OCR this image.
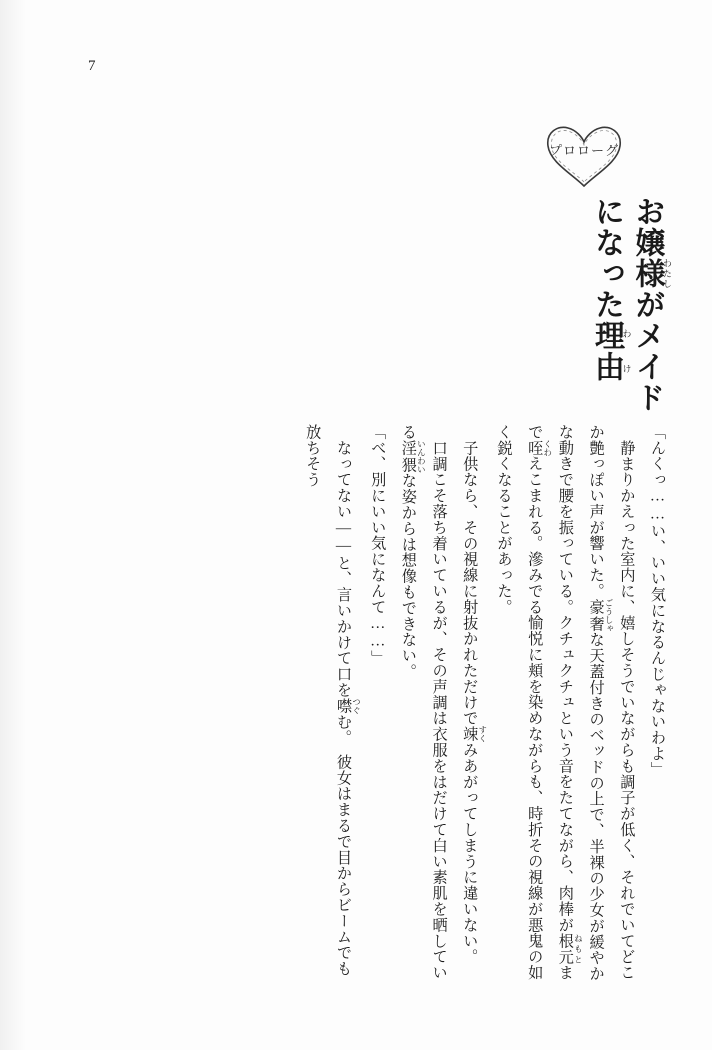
7
プロローグ
お嬢様わたしがメイドになった理由わけ

「んくっ……い、いい気になるんじゃないわよ」

静まりかえった室内に、嬉しそうでいながらも調子が低く、それでいてどこか艶っぽい声が響いた。豪奢 ごうしゃな天蓋付きのベッドの上で、半裸の少女が緩やかな動きで腰を振っている。クチュクチュという音をたてながら、肉棒が根元 ねもとまで咥 くわえこまれる。滲みでる愉悦に頬を染めながらも、時折その視線が悪鬼の如く鋭くなることがあった。

子供なら、その視線に射抜かれただけで竦 すくみあがってしまうに違いない。

口調こそ落ち着いているが、その声調は衣服をはだけて白い素肌を晒している淫猥 いんわいな姿からは想像もできない。

「べ、別にいい気になんて……」

なってない――と、言いかけて口を噤 つぐむ。　彼女はまるで目からビームでも放ちそう
